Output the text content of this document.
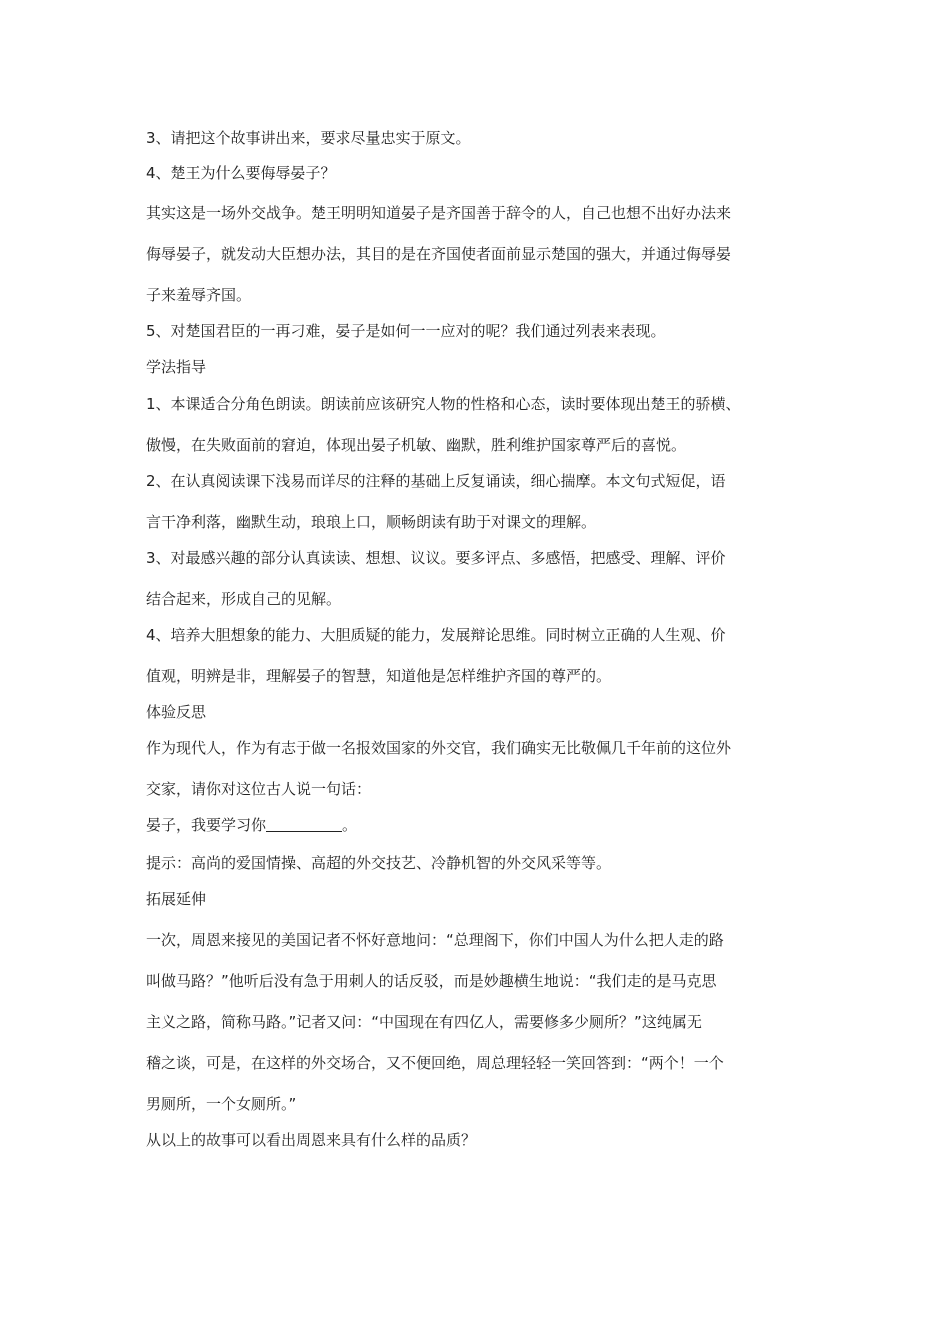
3、请把这个故事讲出来，要求尽量忠实于原文。
4、楚王为什么要侮辱晏子？
其实这是一场外交战争。楚王明明知道晏子是齐国善于辞令的人，自己也想不出好办法来
侮辱晏子，就发动大臣想办法，其目的是在齐国使者面前显示楚国的强大，并通过侮辱晏
子来羞辱齐国。
5、对楚国君臣的一再刁难，晏子是如何一一应对的呢？我们通过列表来表现。
学法指导
1、本课适合分角色朗读。朗读前应该研究人物的性格和心态，读时要体现出楚王的骄横、
傲慢，在失败面前的窘迫，体现出晏子机敏、幽默，胜利维护国家尊严后的喜悦。
2、在认真阅读课下浅易而详尽的注释的基础上反复诵读，细心揣摩。本文句式短促，语
言干净利落，幽默生动，琅琅上口，顺畅朗读有助于对课文的理解。
3、对最感兴趣的部分认真读读、想想、议议。要多评点、多感悟，把感受、理解、评价
结合起来，形成自己的见解。
4、培养大胆想象的能力、大胆质疑的能力，发展辩论思维。同时树立正确的人生观、价
值观，明辨是非，理解晏子的智慧，知道他是怎样维护齐国的尊严的。
体验反思
作为现代人，作为有志于做一名报效国家的外交官，我们确实无比敬佩几千年前的这位外
交家，请你对这位古人说一句话：
晏子，我要学习你	。
提示：高尚的爱国情操、高超的外交技艺、冷静机智的外交风采等等。
拓展延伸
一次，周恩来接见的美国记者不怀好意地问：“总理阁下，你们中国人为什么把人走的路
叫做马路？”他听后没有急于用刺人的话反驳，而是妙趣横生地说：“我们走的是马克思
主义之路，简称马路。”记者又问：“中国现在有四亿人，需要修多少厕所？”这纯属无
稽之谈，可是，在这样的外交场合，又不便回绝，周总理轻轻一笑回答到：“两个！一个
男厕所，一个女厕所。”
从以上的故事可以看出周恩来具有什么样的品质？
